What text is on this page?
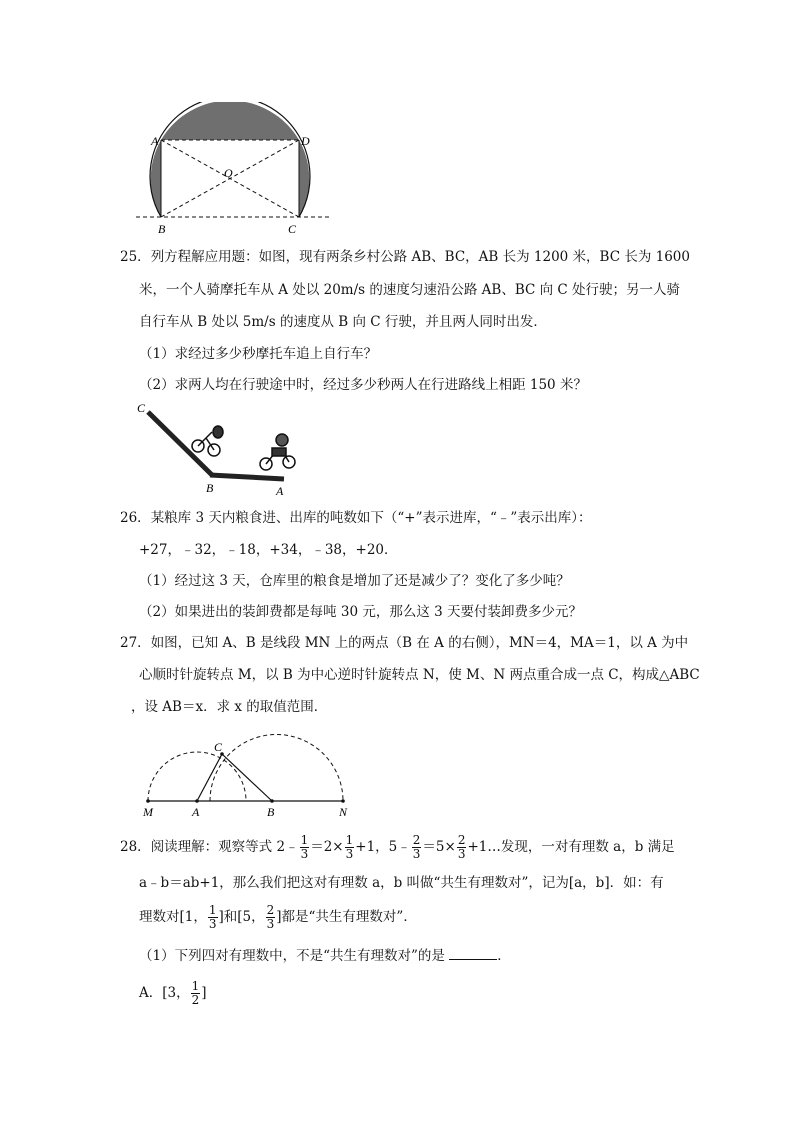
A	D
O
B	C
25．列方程解应用题：如图，现有两条乡村公路 AB、BC，AB 长为 1200 米，BC 长为 1600
米，一个人骑摩托车从 A 处以 20m/s 的速度匀速沿公路 AB、BC 向 C 处行驶；另一人骑
自行车从 B 处以 5m/s 的速度从 B 向 C 行驶，并且两人同时出发．
（1）求经过多少秒摩托车追上自行车？
（2）求两人均在行驶途中时，经过多少秒两人在行进路线上相距 150 米？
C
B	A
26．某粮库 3 天内粮食进、出库的吨数如下（“+”表示进库，“﹣”表示出库）：
+27，﹣32，﹣18，+34，﹣38，+20．
（1）经过这 3 天，仓库里的粮食是增加了还是减少了？变化了多少吨？
（2）如果进出的装卸费都是每吨 30 元，那么这 3 天要付装卸费多少元？
27．如图，已知 A、B 是线段 MN 上的两点（B 在 A 的右侧），MN＝4，MA＝1，以 A 为中
心顺时针旋转点 M，以 B 为中心逆时针旋转点 N，使 M、N 两点重合成一点 C，构成△ABC
，设 AB＝x．求 x 的取值范围．
C
M	A	B	N
28．阅读理解：观察等式 2﹣ $\frac{1}{3} =2\times \frac{1}{3} +1$，5﹣ $\frac{2}{3} =5\times \frac{2}{3}$ +1…发现，一对有理数 a，b 满足
a﹣b＝ab+1，那么我们把这对有理数 a，b 叫做“共生有理数对”，记为[a，b]．如：有
理数对[1， $\frac{1}{3}$ ]和[5， $\frac{2}{3}$ ]都是“共生有理数对”．
（1）下列四对有理数中，不是“共生有理数对”的是	．
A．[3， $\frac{1}{2}$ ]
